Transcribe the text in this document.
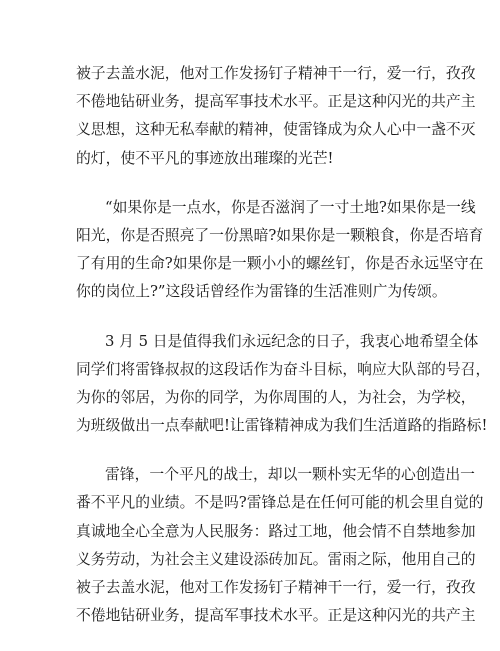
被子去盖水泥，他对工作发扬钉子精神干一行，爱一行，孜孜
不倦地钻研业务，提高军事技术水平。正是这种闪光的共产主
义思想，这种无私奉献的精神，使雷锋成为众人心中一盏不灭
的灯，使不平凡的事迹放出璀璨的光芒!
“如果你是一点水，你是否滋润了一寸土地?如果你是一线
阳光，你是否照亮了一份黑暗?如果你是一颗粮食，你是否培育
了有用的生命?如果你是一颗小小的螺丝钉，你是否永远坚守在
你的岗位上?”这段话曾经作为雷锋的生活准则广为传颂。
3 月 5 日是值得我们永远纪念的日子，我衷心地希望全体
同学们将雷锋叔叔的这段话作为奋斗目标，响应大队部的号召，
为你的邻居，为你的同学，为你周围的人，为社会，为学校，
为班级做出一点奉献吧!让雷锋精神成为我们生活道路的指路标!
雷锋，一个平凡的战士，却以一颗朴实无华的心创造出一
番不平凡的业绩。不是吗?雷锋总是在任何可能的机会里自觉的
真诚地全心全意为人民服务：路过工地，他会情不自禁地参加
义务劳动，为社会主义建设添砖加瓦。雷雨之际，他用自己的
被子去盖水泥，他对工作发扬钉子精神干一行，爱一行，孜孜
不倦地钻研业务，提高军事技术水平。正是这种闪光的共产主
